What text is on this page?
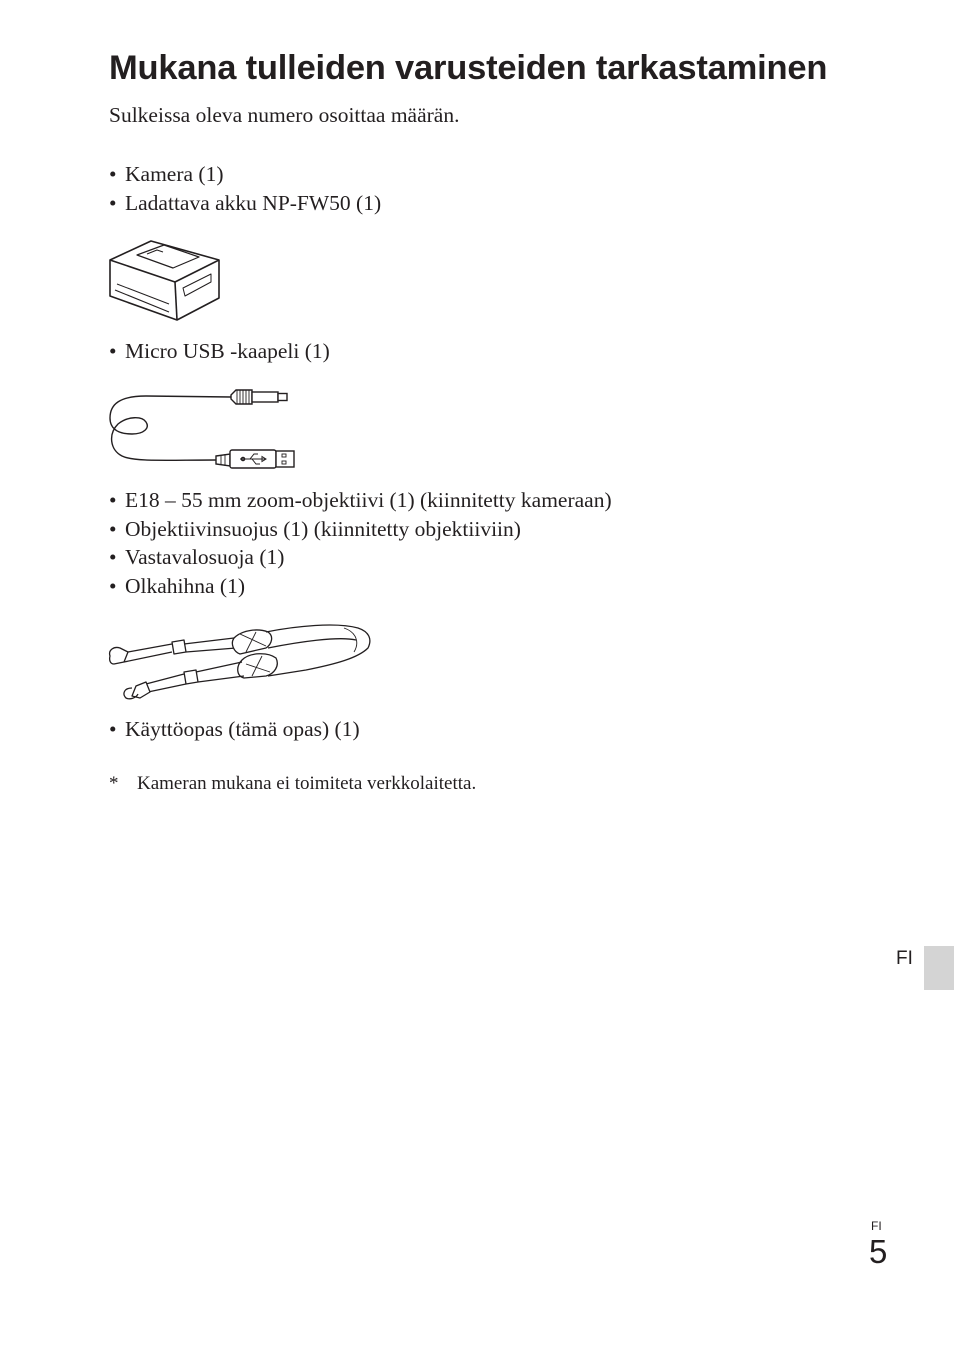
Mukana tulleiden varusteiden tarkastaminen
Sulkeissa oleva numero osoittaa määrän.
• Kamera (1)
• Ladattava akku NP-FW50 (1)
• Micro USB -kaapeli (1)
• E18 – 55 mm zoom-objektiivi (1) (kiinnitetty kameraan)
• Objektiivinsuojus (1) (kiinnitetty objektiiviin)
• Vastavalosuoja (1)
• Olkahihna (1)
• Käyttöopas (tämä opas) (1)
* Kameran mukana ei toimiteta verkkolaitetta.
FI
FI
5
